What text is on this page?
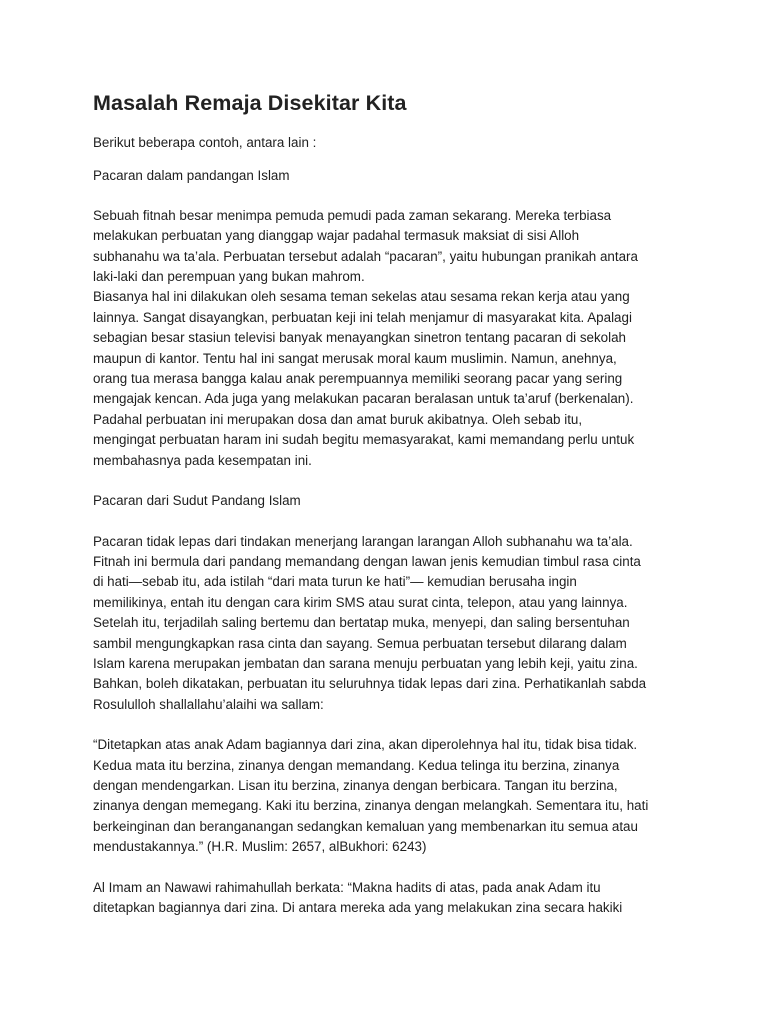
Masalah Remaja Disekitar Kita

Berikut beberapa contoh, antara lain :

Pacaran dalam pandangan Islam

Sebuah fitnah besar menimpa pemuda pemudi pada zaman sekarang. Mereka terbiasa
melakukan perbuatan yang dianggap wajar padahal termasuk maksiat di sisi Alloh
subhanahu wa ta’ala. Perbuatan tersebut adalah “pacaran”, yaitu hubungan pranikah antara
laki-laki dan perempuan yang bukan mahrom.
Biasanya hal ini dilakukan oleh sesama teman sekelas atau sesama rekan kerja atau yang
lainnya. Sangat disayangkan, perbuatan keji ini telah menjamur di masyarakat kita. Apalagi
sebagian besar stasiun televisi banyak menayangkan sinetron tentang pacaran di sekolah
maupun di kantor. Tentu hal ini sangat merusak moral kaum muslimin. Namun, anehnya,
orang tua merasa bangga kalau anak perempuannya memiliki seorang pacar yang sering
mengajak kencan. Ada juga yang melakukan pacaran beralasan untuk ta’aruf (berkenalan).
Padahal perbuatan ini merupakan dosa dan amat buruk akibatnya. Oleh sebab itu,
mengingat perbuatan haram ini sudah begitu memasyarakat, kami memandang perlu untuk
membahasnya pada kesempatan ini.

Pacaran dari Sudut Pandang Islam

Pacaran tidak lepas dari tindakan menerjang larangan larangan Alloh subhanahu wa ta’ala.
Fitnah ini bermula dari pandang memandang dengan lawan jenis kemudian timbul rasa cinta
di hati—sebab itu, ada istilah “dari mata turun ke hati”— kemudian berusaha ingin
memilikinya, entah itu dengan cara kirim SMS atau surat cinta, telepon, atau yang lainnya.
Setelah itu, terjadilah saling bertemu dan bertatap muka, menyepi, dan saling bersentuhan
sambil mengungkapkan rasa cinta dan sayang. Semua perbuatan tersebut dilarang dalam
Islam karena merupakan jembatan dan sarana menuju perbuatan yang lebih keji, yaitu zina.
Bahkan, boleh dikatakan, perbuatan itu seluruhnya tidak lepas dari zina. Perhatikanlah sabda
Rosululloh shallallahu’alaihi wa sallam:

“Ditetapkan atas anak Adam bagiannya dari zina, akan diperolehnya hal itu, tidak bisa tidak.
Kedua mata itu berzina, zinanya dengan memandang. Kedua telinga itu berzina, zinanya
dengan mendengarkan. Lisan itu berzina, zinanya dengan berbicara. Tangan itu berzina,
zinanya dengan memegang. Kaki itu berzina, zinanya dengan melangkah. Sementara itu, hati
berkeinginan dan beranganangan sedangkan kemaluan yang membenarkan itu semua atau
mendustakannya.” (H.R. Muslim: 2657, alBukhori: 6243)

Al Imam an Nawawi rahimahullah berkata: “Makna hadits di atas, pada anak Adam itu
ditetapkan bagiannya dari zina. Di antara mereka ada yang melakukan zina secara hakiki
